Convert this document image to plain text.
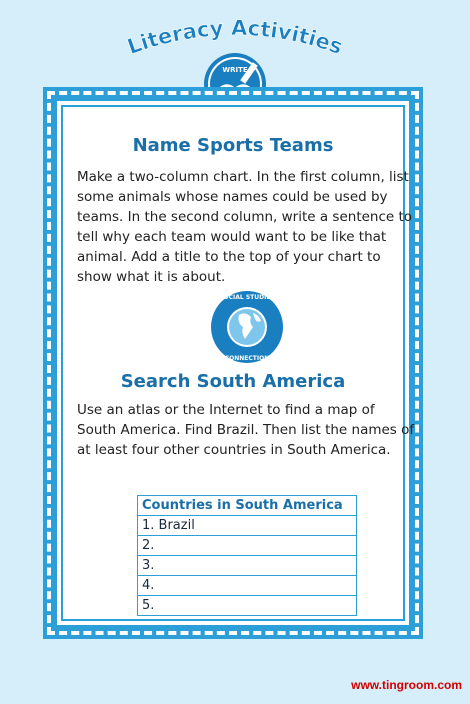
Literacy Activities
WRITE
Name Sports Teams
Make a two-column chart. In the first column, list some animals whose names could be used by teams. In the second column, write a sentence to tell why each team would want to be like that animal. Add a title to the top of your chart to show what it is about.
SOCIAL STUDIES
CONNECTION
Search South America
Use an atlas or the Internet to find a map of South America. Find Brazil. Then list the names of at least four other countries in South America.
Countries in South America
1. Brazil
2.
3.
4.
5.
www.tingroom.com
